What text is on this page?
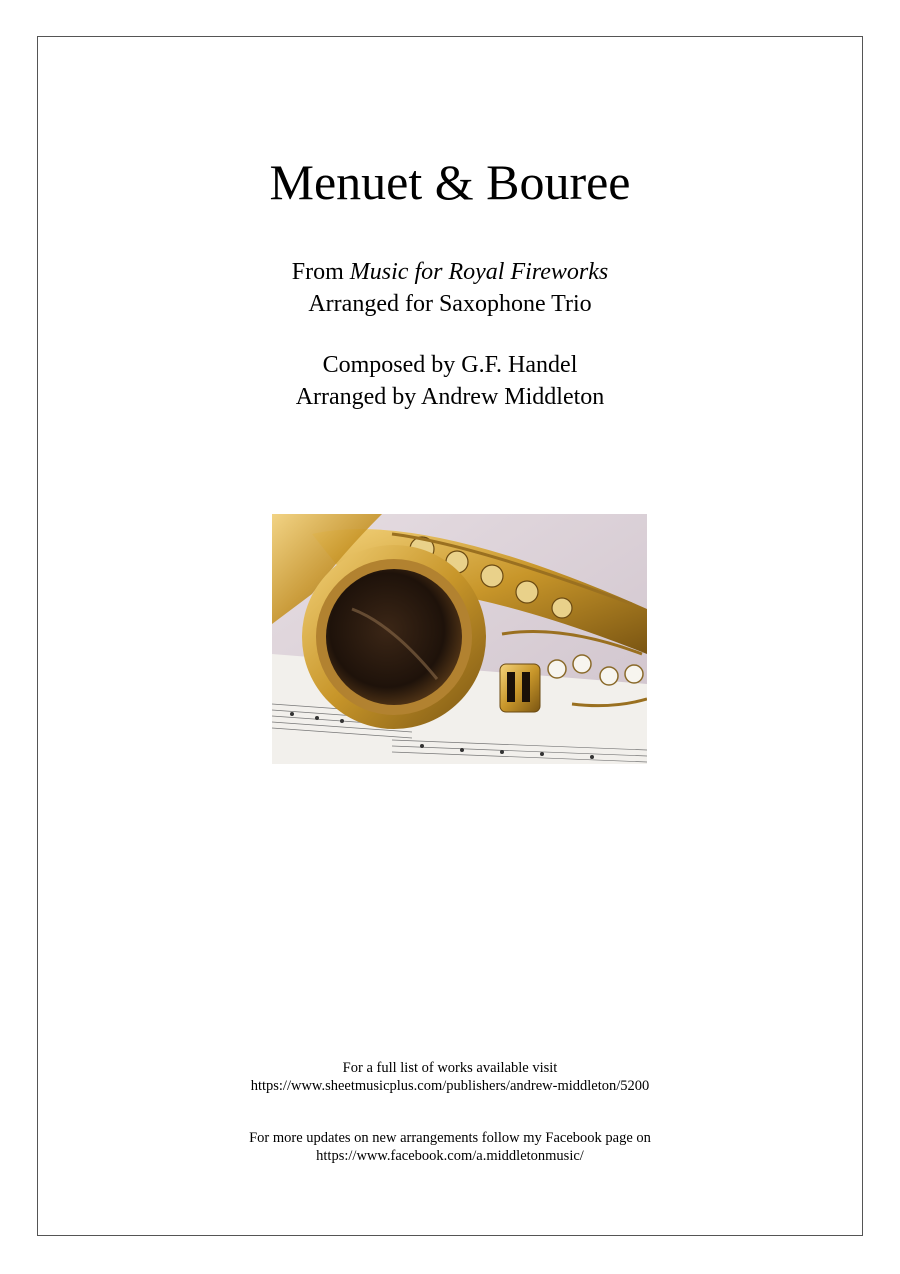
Menuet & Bouree
From Music for Royal Fireworks
Arranged for Saxophone Trio
Composed by G.F. Handel
Arranged by Andrew Middleton
For a full list of works available visit
https://www.sheetmusicplus.com/publishers/andrew-middleton/5200
For more updates on new arrangements follow my Facebook page on
https://www.facebook.com/a.middletonmusic/
